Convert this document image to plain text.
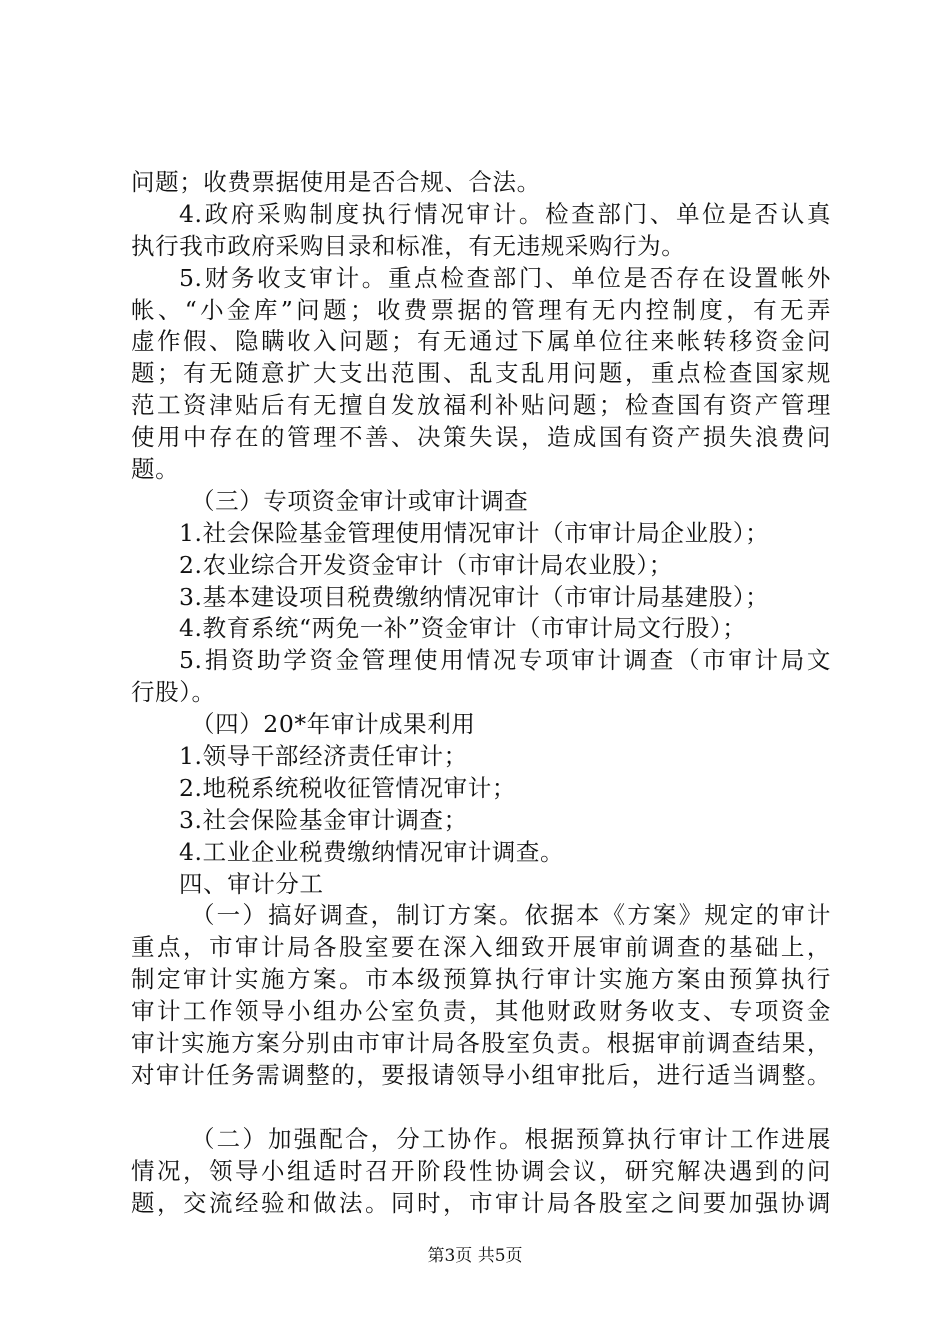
问题；收费票据使用是否合规、合法。
4.政府采购制度执行情况审计。检查部门、单位是否认真
执行我市政府采购目录和标准，有无违规采购行为。
5.财务收支审计。重点检查部门、单位是否存在设置帐外
帐、“小金库”问题；收费票据的管理有无内控制度，有无弄
虚作假、隐瞒收入问题；有无通过下属单位往来帐转移资金问
题；有无随意扩大支出范围、乱支乱用问题，重点检查国家规
范工资津贴后有无擅自发放福利补贴问题；检查国有资产管理
使用中存在的管理不善、决策失误，造成国有资产损失浪费问
题。
（三）专项资金审计或审计调查
1.社会保险基金管理使用情况审计（市审计局企业股）；
2.农业综合开发资金审计（市审计局农业股）；
3.基本建设项目税费缴纳情况审计（市审计局基建股）；
4.教育系统“两免一补”资金审计（市审计局文行股）；
5.捐资助学资金管理使用情况专项审计调查（市审计局文
行股）。
（四）20*年审计成果利用
1.领导干部经济责任审计；
2.地税系统税收征管情况审计；
3.社会保险基金审计调查；
4.工业企业税费缴纳情况审计调查。
四、审计分工
（一）搞好调查，制订方案。依据本《方案》规定的审计
重点，市审计局各股室要在深入细致开展审前调查的基础上，
制定审计实施方案。市本级预算执行审计实施方案由预算执行
审计工作领导小组办公室负责，其他财政财务收支、专项资金
审计实施方案分别由市审计局各股室负责。根据审前调查结果，
对审计任务需调整的，要报请领导小组审批后，进行适当调整。
（二）加强配合，分工协作。根据预算执行审计工作进展
情况，领导小组适时召开阶段性协调会议，研究解决遇到的问
题，交流经验和做法。同时，市审计局各股室之间要加强协调
第3页 共5页
